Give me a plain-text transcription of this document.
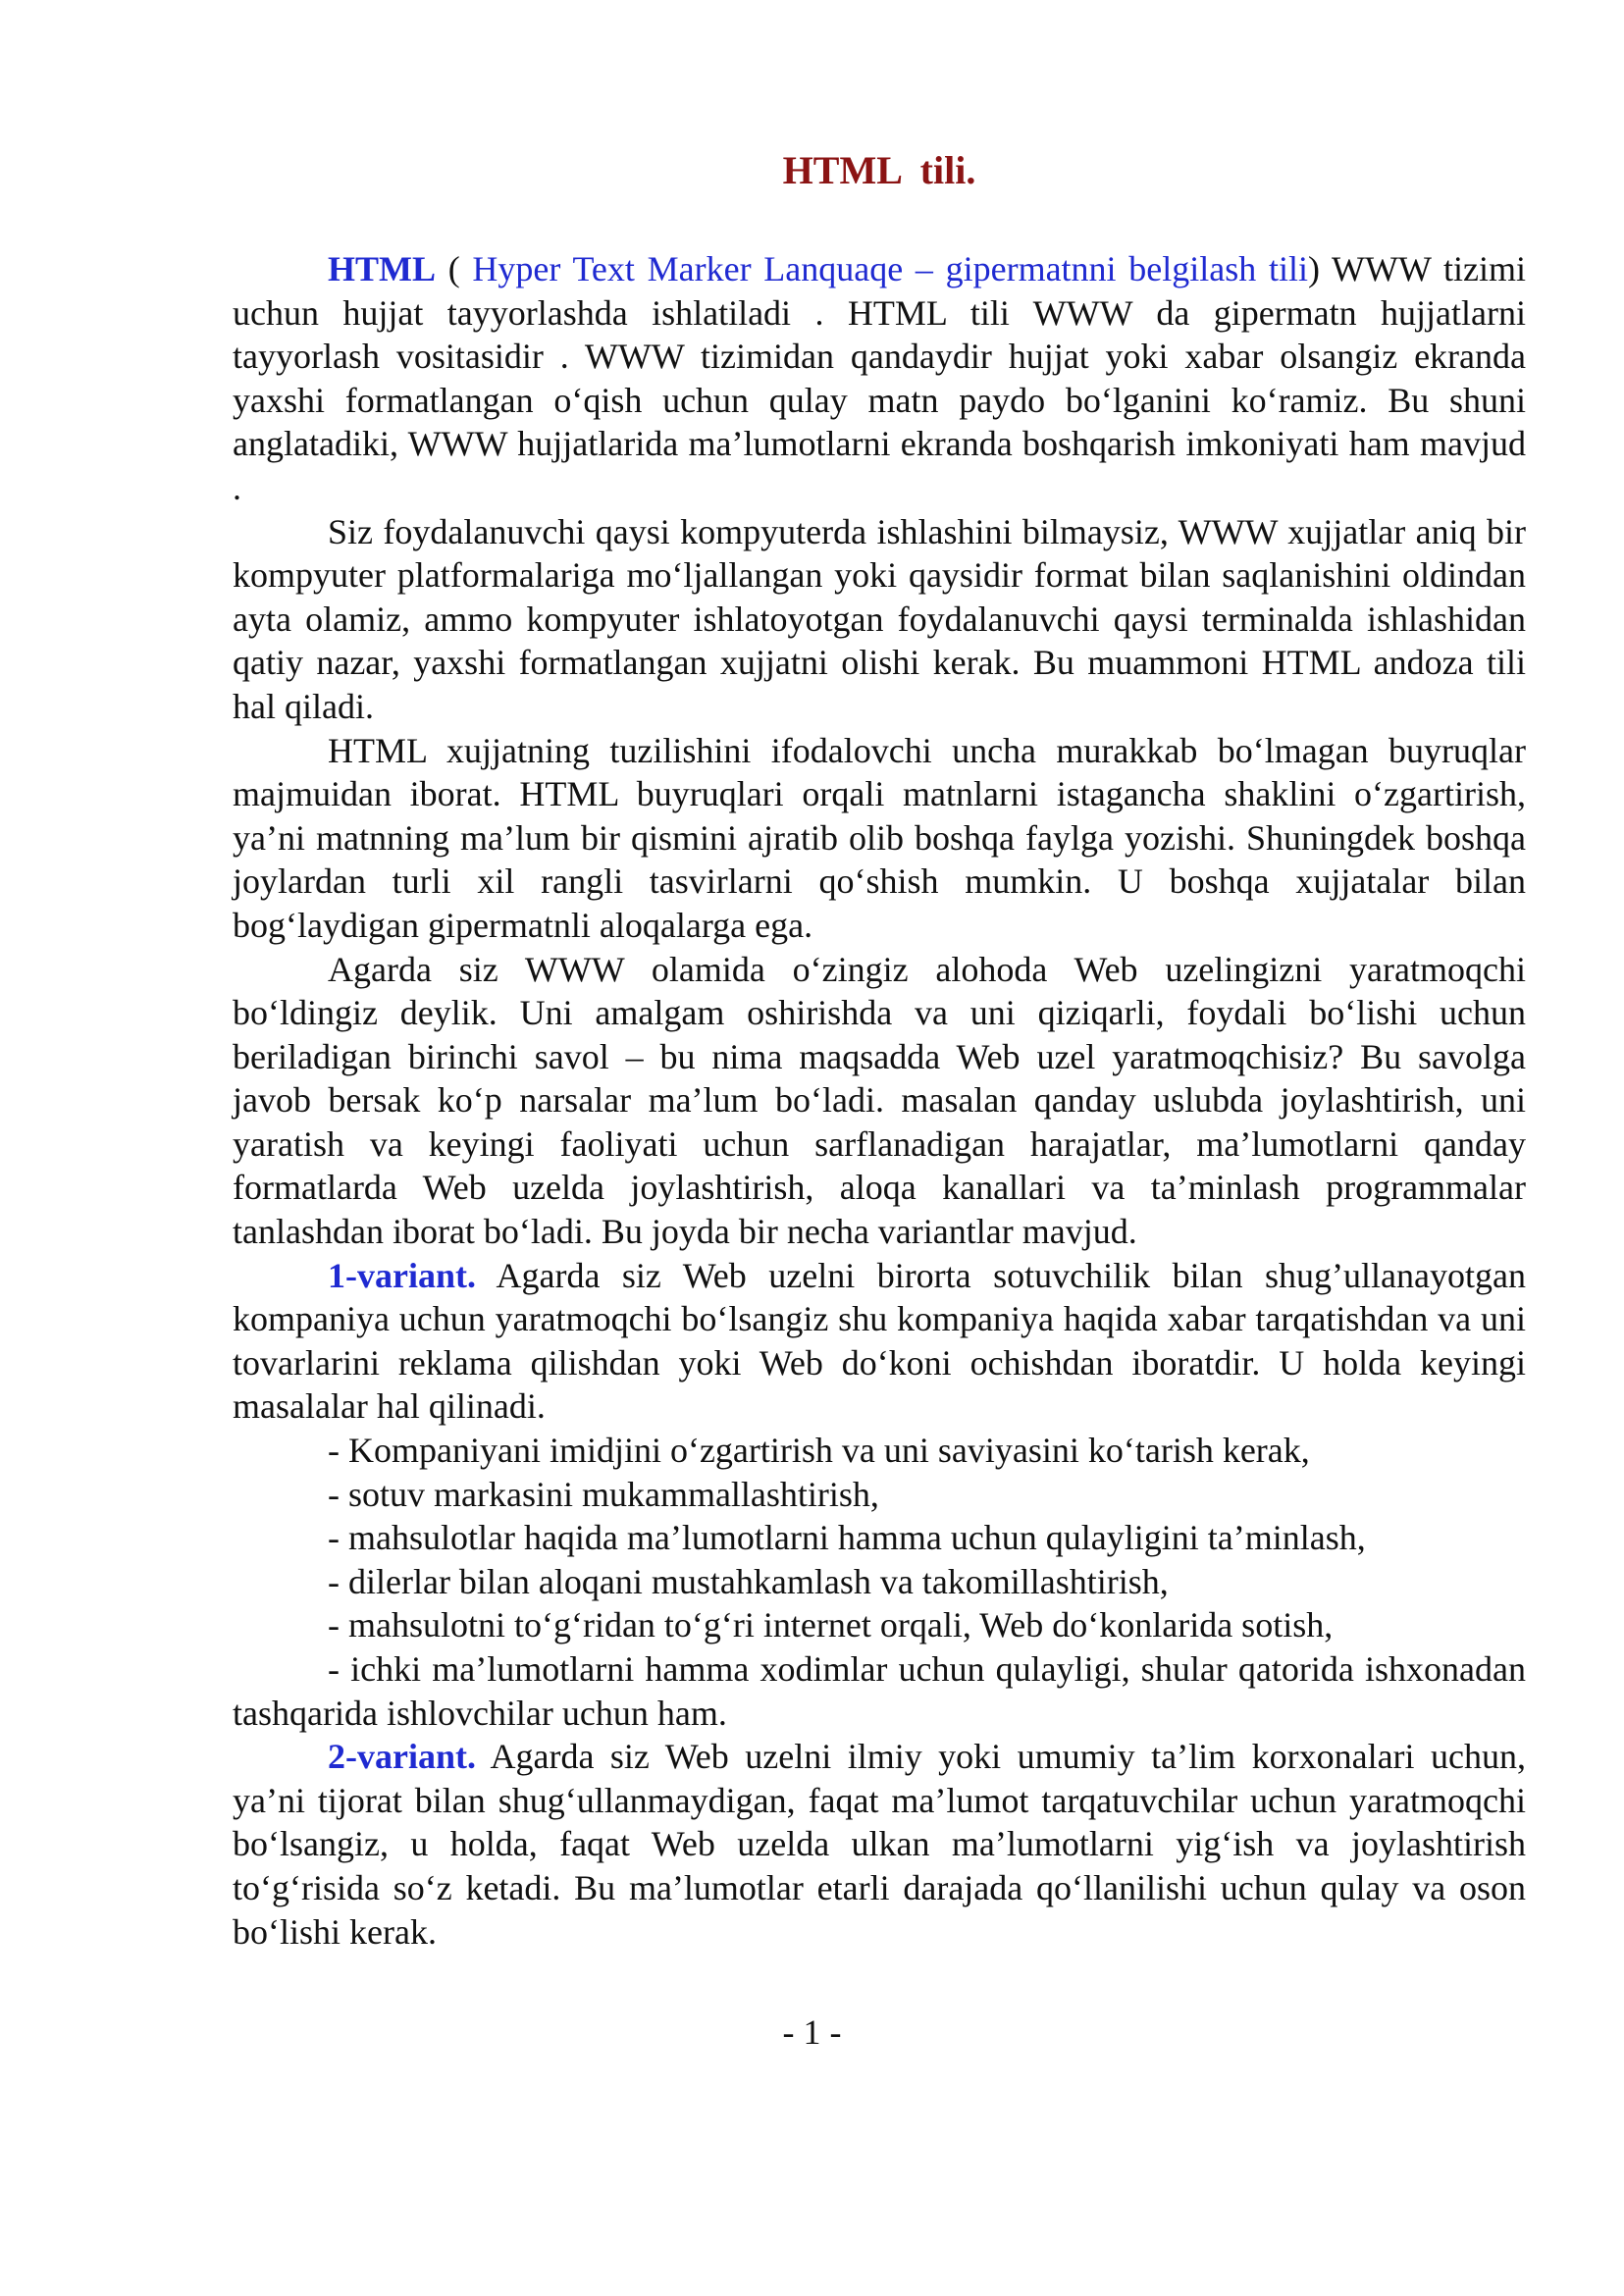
HTML  tili.

HTML ( Hyper Text Marker Lanquaqe – gipermatnni belgilash tili) WWW tizimi uchun hujjat tayyorlashda ishlatiladi . HTML tili WWW da gipermatn hujjatlarni tayyorlash vositasidir . WWW tizimidan qandaydir hujjat yoki xabar olsangiz ekranda yaxshi formatlangan o‘qish uchun qulay matn paydo bo‘lganini ko‘ramiz. Bu shuni anglatadiki, WWW hujjatlarida ma’lumotlarni ekranda boshqarish imkoniyati ham mavjud .

Siz foydalanuvchi qaysi kompyuterda ishlashini bilmaysiz, WWW xujjatlar aniq bir kompyuter platformalariga mo‘ljallangan yoki qaysidir format bilan saqlanishini oldindan ayta olamiz, ammo kompyuter ishlatoyotgan foydalanuvchi qaysi terminalda ishlashidan qatiy nazar, yaxshi formatlangan xujjatni olishi kerak. Bu muammoni HTML andoza tili hal qiladi.

HTML xujjatning tuzilishini ifodalovchi uncha murakkab bo‘lmagan buyruqlar majmuidan iborat. HTML buyruqlari orqali matnlarni istagancha shaklini o‘zgartirish, ya’ni matnning ma’lum bir qismini ajratib olib boshqa faylga yozishi. Shuningdek boshqa joylardan turli xil rangli tasvirlarni qo‘shish mumkin. U boshqa xujjatalar bilan bog‘laydigan gipermatnli aloqalarga ega.

Agarda siz WWW olamida o‘zingiz alohoda Web uzelingizni yaratmoqchi bo‘ldingiz deylik. Uni amalgam oshirishda va uni qiziqarli, foydali bo‘lishi uchun beriladigan birinchi savol – bu nima maqsadda Web uzel yaratmoqchisiz? Bu savolga javob bersak ko‘p narsalar ma’lum bo‘ladi. masalan qanday uslubda joylashtirish, uni yaratish va keyingi faoliyati uchun sarflanadigan harajatlar, ma’lumotlarni qanday formatlarda Web uzelda joylashtirish, aloqa kanallari va ta’minlash programmalar tanlashdan iborat bo‘ladi. Bu joyda bir necha variantlar mavjud.

1-variant. Agarda siz Web uzelni birorta sotuvchilik bilan shug’ullanayotgan kompaniya uchun yaratmoqchi bo‘lsangiz shu kompaniya haqida xabar tarqatishdan va uni tovarlarini reklama qilishdan yoki Web do‘koni ochishdan iboratdir. U holda keyingi masalalar hal qilinadi.

- Kompaniyani imidjini o‘zgartirish va uni saviyasini ko‘tarish kerak,

- sotuv markasini mukammallashtirish,

- mahsulotlar haqida ma’lumotlarni hamma uchun qulayligini ta’minlash,

- dilerlar bilan aloqani mustahkamlash va takomillashtirish,

- mahsulotni to‘g‘ridan to‘g‘ri internet orqali, Web do‘konlarida sotish,

- ichki ma’lumotlarni hamma xodimlar uchun qulayligi, shular qatorida ishxonadan tashqarida ishlovchilar uchun ham.

2-variant. Agarda siz Web uzelni ilmiy yoki umumiy ta’lim korxonalari uchun, ya’ni tijorat bilan shug‘ullanmaydigan, faqat ma’lumot tarqatuvchilar uchun yaratmoqchi bo‘lsangiz, u holda, faqat Web uzelda ulkan ma’lumotlarni yig‘ish va joylashtirish to‘g‘risida so‘z ketadi. Bu ma’lumotlar etarli darajada qo‘llanilishi uchun qulay va oson bo‘lishi kerak.

- 1 -
